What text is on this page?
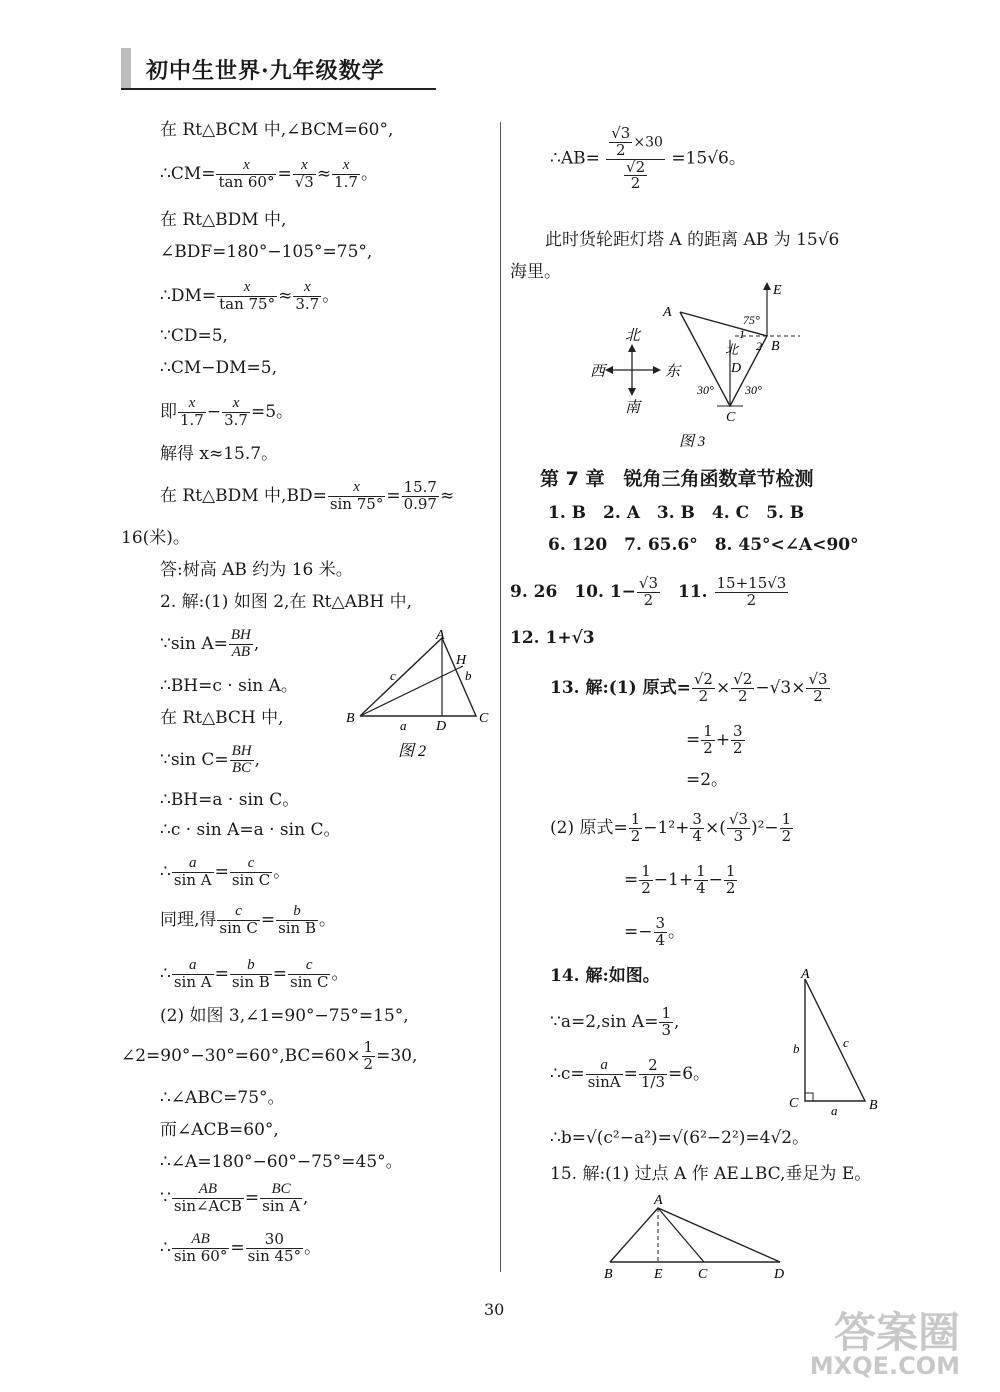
初中生世界·九年级数学
在 Rt△BCM 中,∠BCM=60°,
∴CM= $\frac{x}{\tan 60^\circ} = \frac{x}{√3} \approx \frac{x}{1.7}$ 。
在 Rt△BDM 中,
∠BDF=180°−105°=75°,
∴DM= $\frac{x}{\tan 75^\circ} \approx \frac{x}{3.7}$ 。
∵CD=5,
∴CM−DM=5,
即 $\frac{x}{1.7} - \frac{x}{3.7} =5$。
解得 x≈15.7。
在 Rt△BDM 中$,BD= \frac{x}{\sin 75^\circ} = \frac{15.7}{0.97}$ ≈
16(米)。
答:树高 AB 约为 16 米。
2. 解:(1) 如图 2,在 Rt△ABH 中,
∵sin $A= \frac{BH}{AB}$ ,
∴BH=c · sin A。
在 Rt△BCH 中,
∵sin $C= \frac{BH}{BC}$ ,
∴BH=a · sin C。
∴c · sin A=a · sin C。
∴ $\frac{a}{\text{sin A}} = \frac{c}{\text{sin C}}$ 。
同理,得 $\frac{c}{\text{sin C}} = \frac{b}{\text{sin B}}$ 。
∴ $\frac{a}{\text{sin A}} = \frac{b}{\text{sin B}} = \frac{c}{\text{sin C}}$ 。
(2) 如图 3,∠1=90°−75°=15°,
∠2=90°−30°=60°,BC=60× $\frac{1}{2} =30$,
∴∠ABC=75°。
而∠ACB=60°,
∴∠A=180°−60°−75°=45°。
∵ $\frac{AB}{\text{sin∠ACB}} = \frac{BC}{\text{sin A}}$ ,
∴ $\frac{AB}{\sin 60^\circ} = \frac{30}{\sin 45^\circ}$ 。
A
B	C
D
H
a
b
c
图 2
∴AB= $\frac{\frac{√3}{2} \times 30}{\frac{√2}{2}} =15√6$。
此时货轮距灯塔 A 的距离 AB 为 15√6
海里。
北
南
西	东
A
B
C
D
E
北
75°
1
2
30°	30°
图 3
第 7 章　锐角三角函数章节检测
1. B　2. A　3. B　4. C　5. B
6. 120　7. 65.6°　8. 45°<∠A<90°
9. 26　10. $1- \frac{√3}{2}$ 　11. $\frac{15+15√3}{2}$
12. 1+√3
13. 解:(1) 原式= $\frac{√2}{2} \times \frac{√2}{2} -√3\times \frac{√3}{2}$
= $\frac{1}{2} + \frac{3}{2}$
=2。
(2) 原式= $\frac{1}{2} -1^2+ \frac{3}{4}$ ×( $\frac{√3}{3} )^2- \frac{1}{2}$
= $\frac{1}{2} -1+ \frac{1}{4} - \frac{1}{2}$
=− $\frac{3}{4}$ 。
14. 解:如图。
∵a=2,sin $A= \frac{1}{3}$ ,
∴c= $\frac{a}{\sin A} = \frac{2}{1/3} =6$。
∴b=√(c²−a²)=√(6²−2²)=4√2。
A
B
C	a
b	c
15. 解:(1) 过点 A 作 AE⊥BC,垂足为 E。
A
B	E	C	D
30	答案圈
MXQE.COM
